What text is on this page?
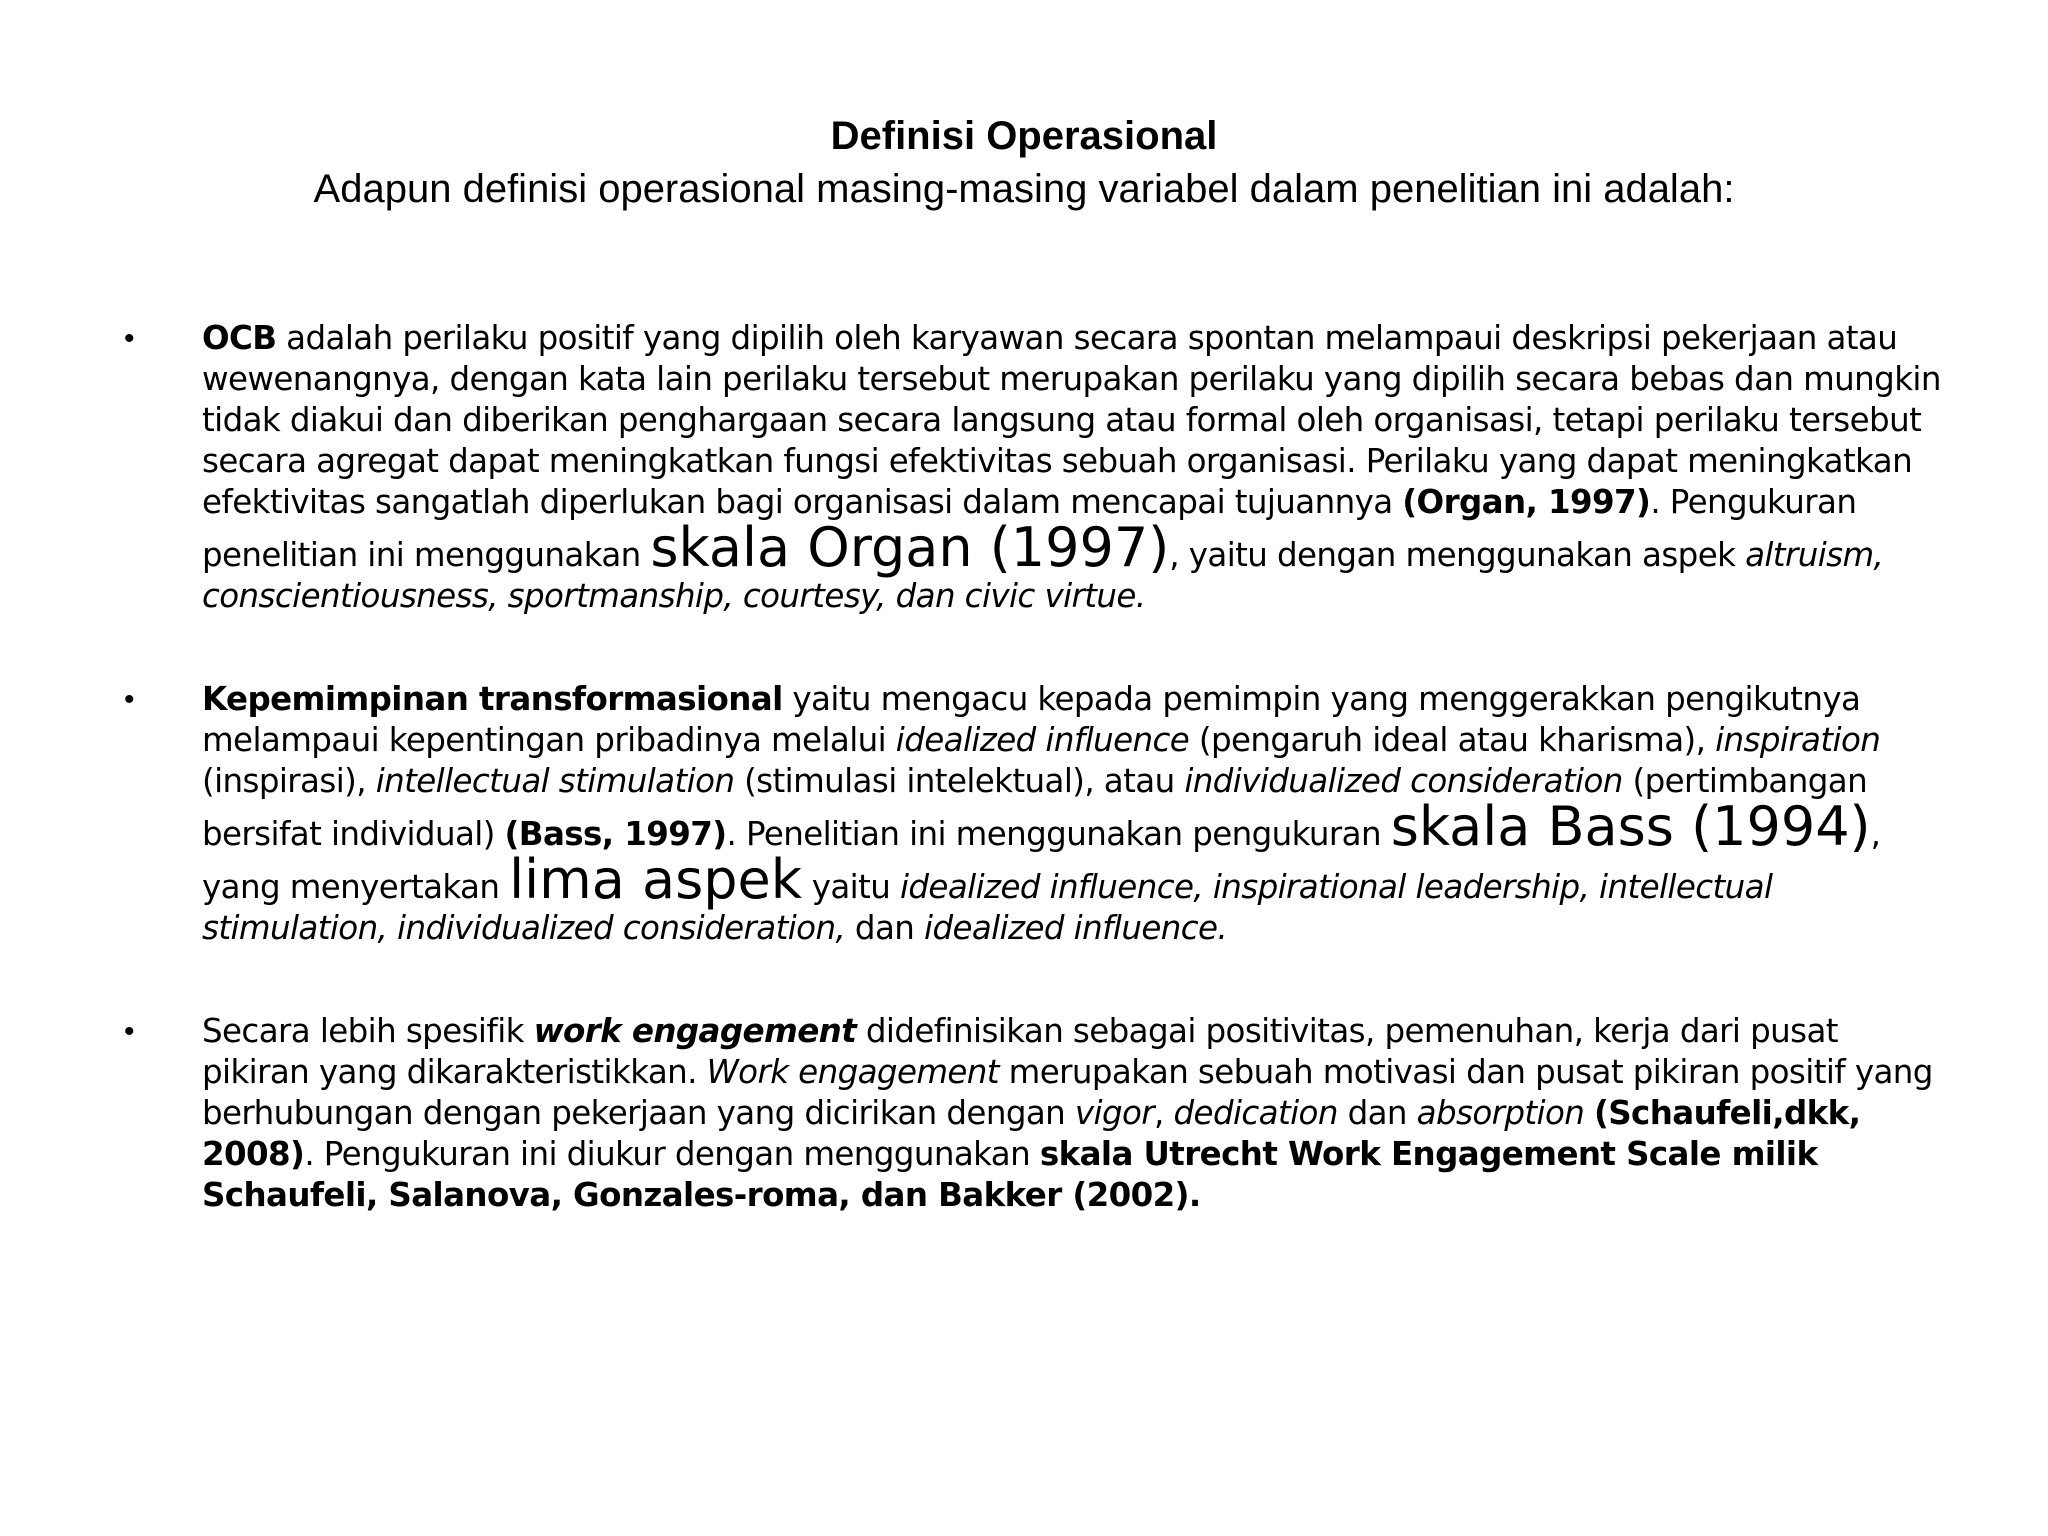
Definisi Operasional
Adapun definisi operasional masing-masing variabel dalam penelitian ini adalah:
• OCB adalah perilaku positif yang dipilih oleh karyawan secara spontan melampaui deskripsi pekerjaan atau wewenangnya, dengan kata lain perilaku tersebut merupakan perilaku yang dipilih secara bebas dan mungkin tidak diakui dan diberikan penghargaan secara langsung atau formal oleh organisasi, tetapi perilaku tersebut secara agregat dapat meningkatkan fungsi efektivitas sebuah organisasi. Perilaku yang dapat meningkatkan efektivitas sangatlah diperlukan bagi organisasi dalam mencapai tujuannya (Organ, 1997). Pengukuran penelitian ini menggunakan skala Organ (1997), yaitu dengan menggunakan aspek altruism, conscientiousness, sportmanship, courtesy, dan civic virtue.
• Kepemimpinan transformasional yaitu mengacu kepada pemimpin yang menggerakkan pengikutnya melampaui kepentingan pribadinya melalui idealized influence (pengaruh ideal atau kharisma), inspiration (inspirasi), intellectual stimulation (stimulasi intelektual), atau individualized consideration (pertimbangan bersifat individual) (Bass, 1997). Penelitian ini menggunakan pengukuran skala Bass (1994), yang menyertakan lima aspek yaitu idealized influence, inspirational leadership, intellectual stimulation, individualized consideration, dan idealized influence.
• Secara lebih spesifik work engagement didefinisikan sebagai positivitas, pemenuhan, kerja dari pusat pikiran yang dikarakteristikkan. Work engagement merupakan sebuah motivasi dan pusat pikiran positif yang berhubungan dengan pekerjaan yang dicirikan dengan vigor, dedication dan absorption (Schaufeli,dkk, 2008). Pengukuran ini diukur dengan menggunakan skala Utrecht Work Engagement Scale milik Schaufeli, Salanova, Gonzales-roma, dan Bakker (2002).
